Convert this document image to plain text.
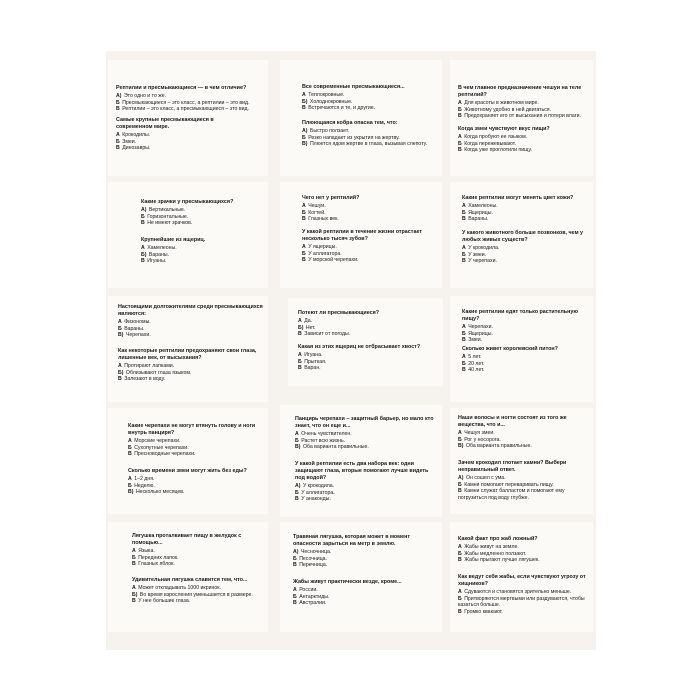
Рептилии и пресмыкающиеся — в чем отличие?
А) Это одно и то же.
Б Пресмыкающиеся – это класс, а рептилии – это вид.
В Рептилии – это класс, а пресмыкающиеся – это вид.
Самые крупные пресмыкающиеся в современном мире.
А Крокодилы.
Б Змеи.
В Динозавры.
Все современные пресмыкающиеся...
А Теплокровные.
Б) Холоднокровные.
В Встречаются и те, и другие.
Плюющаяся кобра опасна тем, что:
А) Быстро ползает.
Б Резко нападает из укрытия на жертву.
В) Плюется ядом жертве в глаза, вызывая слепоту.
В чем главное предназначение чешуи на теле рептилий?
А Для красоты в животном мире.
Б Животному удобно в ней двигаться.
В Предохраняет его от высыхания и потери влаги.
Когда змеи чувствуют вкус пищи?
А Когда пробуют ее языком.
Б Когда пережевывают.
В Когда уже проглотили пищу.
Какие зрачки у пресмыкающихся?
А) Вертикальные.
Б Горизонтальные.
В Не имеют зрачков.
Крупнейшие из ящериц.
А Хамелеоны.
Б) Вараны.
В Игуаны.
Чего нет у рептилий?
А Чешуи.
Б Когтей.
В Глазных век.
У какой рептилии в течение жизни отрастает несколько тысяч зубов?
А У ящерицы.
Б У аллигатора.
В У морской черепахи.
Какие рептилии могут менять цвет кожи?
А Хамелеоны.
Б Ящерицы.
В Вараны.
У какого животного больше позвонков, чем у любых живых существ?
А У крокодила.
Б У змеи.
В У черепахи.
Настоящими долгожителями среди пресмыкающихся являются:
А Физономы.
Б Вараны.
В) Черепахи.
Как некоторые рептилии предохраняют свои глаза, лишенные век, от высыхания?
А Протирают лапками.
Б) Облизывают глаза языком.
В Залезают в воду.
Потеют ли пресмыкающиеся?
А Да.
Б) Нет.
В Зависит от погоды.
Какая из этих ящериц не отбрасывает хвост?
А Игуана.
Б Прыткая.
В Варан.
Какие рептилии едят только растительную пищу?
А Черепахи.
Б Ящерицы.
В Змеи.
Сколько живет королевский питон?
А 5 лет.
Б 20 лет.
В 40 лет.
Какие черепахи не могут втянуть голову и ноги внутрь панциря?
А Морские черепахи.
Б Сухопутные черепахи.
В Пресноводные черепахи.
Сколько времени змеи могут жить без еды?
А 1–2 дня.
Б Неделю.
В) Несколько месяцев.
Панцирь черепахи – защитный барьер, но мало кто знает, что он еще и...
А Очень чувствителен.
Б Растет всю жизнь.
В) Оба варианта правильные.
У какой рептилии есть два набора век: одни защищают глаза, вторые помогают лучше видеть под водой?
А) У крокодила.
Б У аллигатора.
В У анаконды.
Наши волосы и ногти состоят из того же вещества, что и...
А Чешуя змеи.
Б Рог у носорога.
В) Оба варианта правильные.
Зачем крокодил глотает камни? Выбери неправильный ответ.
А) Он сошел с ума.
Б Камни помогают переваривать пищу.
В Камни служат балластом и помогают ему погрузиться под воду глубже.
Лягушка проталкивает пищу в желудок с помощью...
А Языка.
Б Передних лапок.
В Глазных яблок.
Удивительная лягушка славится тем, что...
А Может откладывать 1000 икринок.
Б) Во время взросления уменьшается в размере.
В У нее большие глаза.
Травяная лягушка, которая может в момент опасности зарыться на метр в землю.
А) Чесночница.
Б Песочница.
В Перечница.
Жабы живут практически везде, кроме...
А России.
Б Антарктиды.
В Австралии.
Какой факт про жаб ложный?
А Жабы живут на земле.
Б Жабы медленно ползают.
В Жабы прыгают лучше лягушек.
Как ведут себя жабы, если чувствуют угрозу от хищников?
А Сдуваются и становятся зрительно меньше.
Б Притворяются мертвыми или раздуваются, чтобы казаться больше.
В Громко квакают.
